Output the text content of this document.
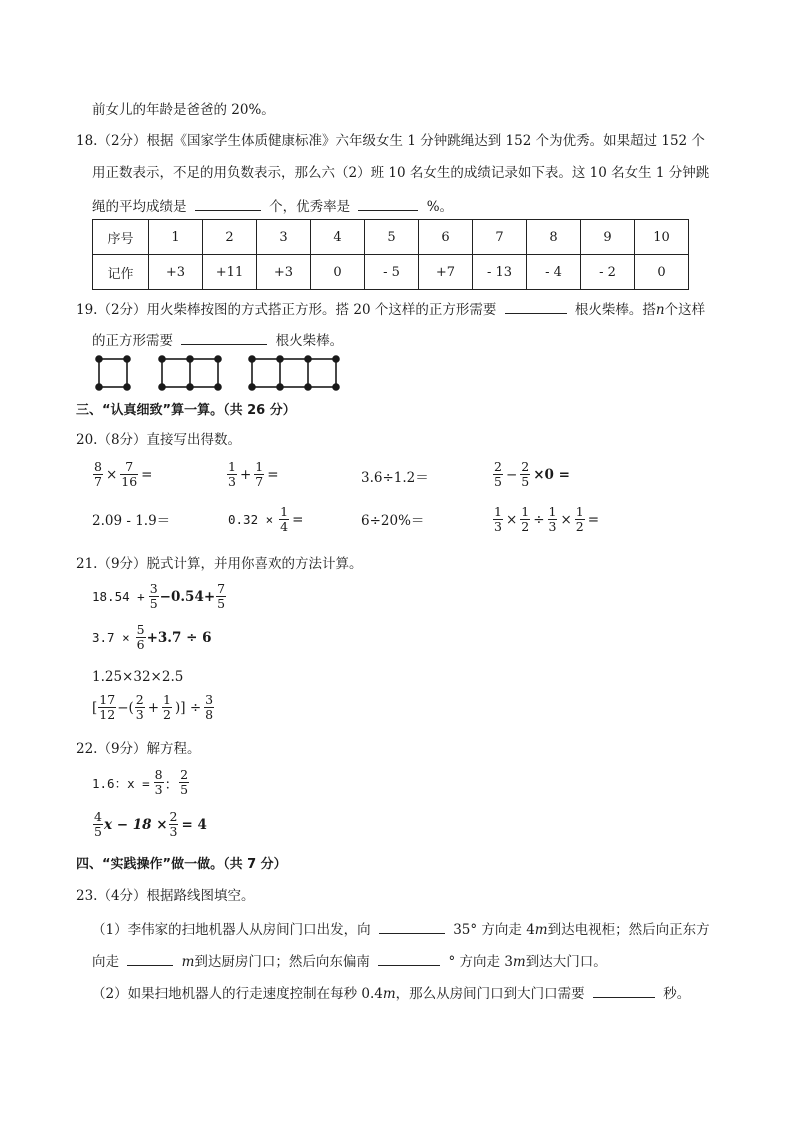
前女儿的年龄是爸爸的 20%。
18.（2分）根据《国家学生体质健康标准》六年级女生 1 分钟跳绳达到 152 个为优秀。如果超过 152 个
用正数表示，不足的用负数表示，那么六（2）班 10 名女生的成绩记录如下表。这 10 名女生 1 分钟跳
绳的平均成绩是	个，优秀率是	%。
序号	1	2	3	4	5	6	7	8	9	10
记作	+3	+11	+3	0	- 5	+7	- 13	- 4	- 2	0
19.（2分）用火柴棒按图的方式搭正方形。搭 20 个这样的正方形需要	根火柴棒。搭n个这样
的正方形需要	根火柴棒。
三、“认真细致”算一算。（共 26 分）
20.（8分）直接写出得数。
$\frac{8}{7} \times \frac{7}{16}$ =	$\frac{1}{3} + \frac{1}{7}$ =	3.6÷1.2＝	$\frac{2}{5} - \frac{2}{5} \times 0$ =
2.09 - 1.9＝	$0.32 \times \frac{1}{4}$ =	6÷20%＝	$\frac{1}{3} \times \frac{1}{2} \div \frac{1}{3} \times \frac{1}{2}$ =
21.（9分）脱式计算，并用你喜欢的方法计算。
$18.54 + \frac{3}{5} -0.54+ \frac{7}{5}$
$3.7 \times \frac{5}{6} +3.7 \div 6$
1.25×32×2.5
[ $\frac{17}{12}$ −( $\frac{2}{3} + \frac{1}{2}$ )] ÷ $\frac{3}{8}$
22.（9分）解方程。
1.6：$x = \frac{8}{3}$ ： $\frac{2}{5}$
$\frac{4}{5}$ $x - 18 \times \frac{2}{3} = 4$
四、“实践操作”做一做。（共 7 分）
23.（4分）根据路线图填空。
（1）李伟家的扫地机器人从房间门口出发，向	35° 方向走 4m到达电视柜；然后向正东方
向走	m到达厨房门口；然后向东偏南	° 方向走 3m到达大门口。
（2）如果扫地机器人的行走速度控制在每秒 0.4m，那么从房间门口到大门口需要	秒。
